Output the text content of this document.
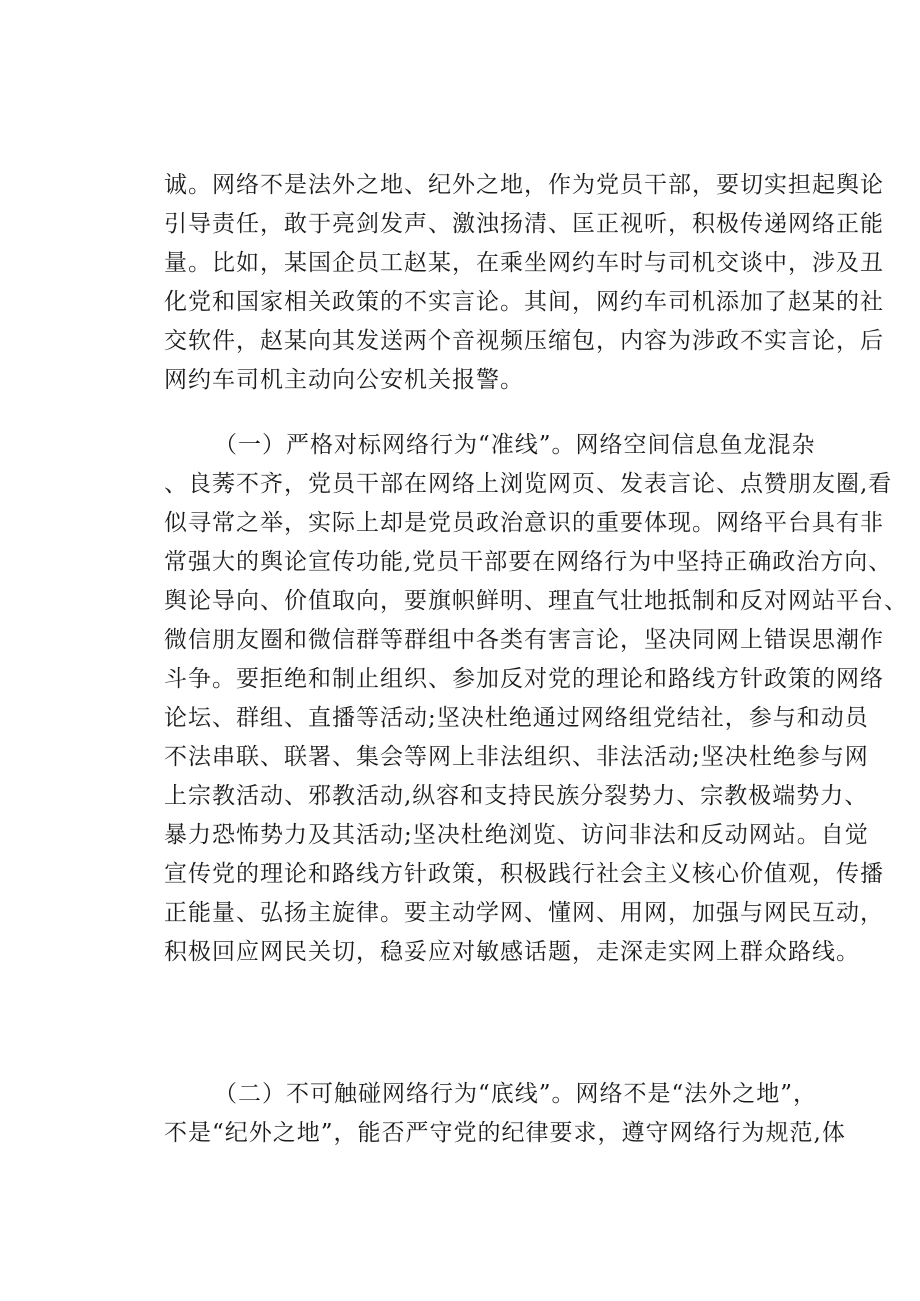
诚。网络不是法外之地、纪外之地，作为党员干部，要切实担起舆论
引导责任，敢于亮剑发声、激浊扬清、匡正视听，积极传递网络正能
量。比如，某国企员工赵某，在乘坐网约车时与司机交谈中，涉及丑
化党和国家相关政策的不实言论。其间，网约车司机添加了赵某的社
交软件，赵某向其发送两个音视频压缩包，内容为涉政不实言论，后
网约车司机主动向公安机关报警。
（一）严格对标网络行为“准线”。网络空间信息鱼龙混杂
、良莠不齐，党员干部在网络上浏览网页、发表言论、点赞朋友圈,看
似寻常之举，实际上却是党员政治意识的重要体现。网络平台具有非
常强大的舆论宣传功能,党员干部要在网络行为中坚持正确政治方向、
舆论导向、价值取向，要旗帜鲜明、理直气壮地抵制和反对网站平台、
微信朋友圈和微信群等群组中各类有害言论，坚决同网上错误思潮作
斗争。要拒绝和制止组织、参加反对党的理论和路线方针政策的网络
论坛、群组、直播等活动;坚决杜绝通过网络组党结社，参与和动员
不法串联、联署、集会等网上非法组织、非法活动;坚决杜绝参与网
上宗教活动、邪教活动,纵容和支持民族分裂势力、宗教极端势力、
暴力恐怖势力及其活动;坚决杜绝浏览、访问非法和反动网站。自觉
宣传党的理论和路线方针政策，积极践行社会主义核心价值观，传播
正能量、弘扬主旋律。要主动学网、懂网、用网，加强与网民互动，
积极回应网民关切，稳妥应对敏感话题，走深走实网上群众路线。
（二）不可触碰网络行为“底线”。网络不是“法外之地”，
不是“纪外之地”，能否严守党的纪律要求，遵守网络行为规范,体
